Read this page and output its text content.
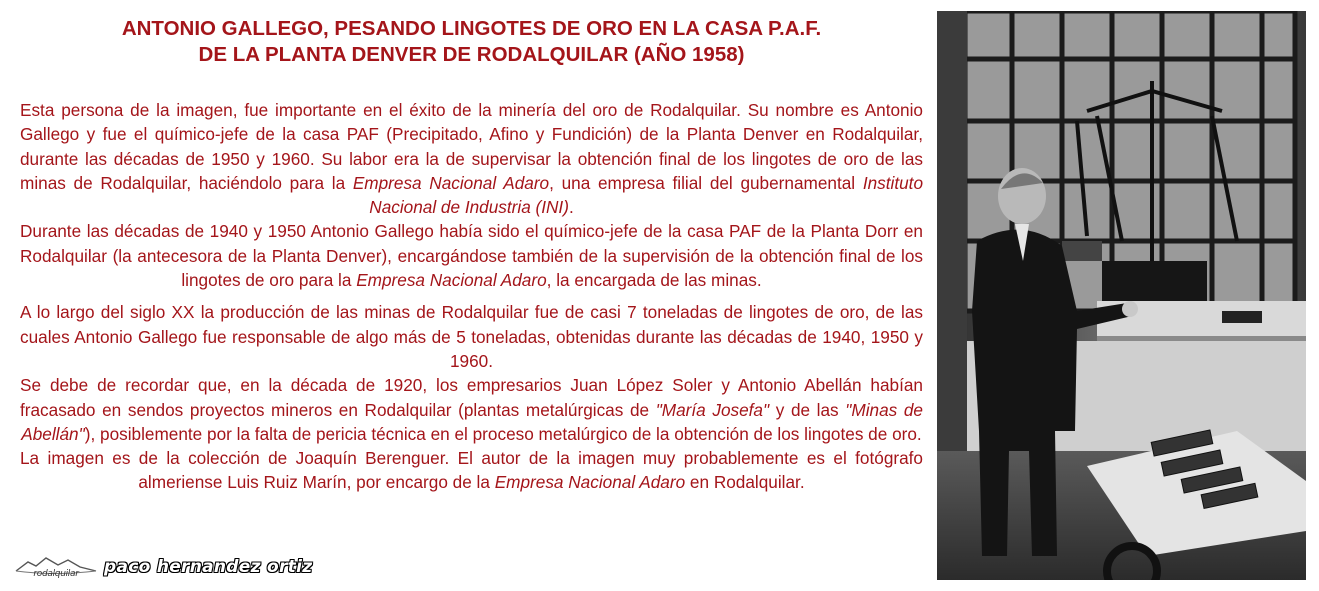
ANTONIO GALLEGO, PESANDO LINGOTES DE ORO EN LA CASA P.A.F.
DE LA PLANTA DENVER DE RODALQUILAR (AÑO 1958)

Esta persona de la imagen, fue importante en el éxito de la minería del oro de Rodalquilar. Su nombre es Antonio Gallego y fue el químico-jefe de la casa PAF (Precipitado, Afino y Fundición) de la Planta Denver en Rodalquilar, durante las décadas de 1950 y 1960. Su labor era la de supervisar la obtención final de los lingotes de oro de las minas de Rodalquilar, haciéndolo para la Empresa Nacional Adaro, una empresa filial del gubernamental Instituto Nacional de Industria (INI).

Durante las décadas de 1940 y 1950 Antonio Gallego había sido el químico-jefe de la casa PAF de la Planta Dorr en Rodalquilar (la antecesora de la Planta Denver), encargándose también de la supervisión de la obtención final de los lingotes de oro para la Empresa Nacional Adaro, la encargada de las minas.

A lo largo del siglo XX la producción de las minas de Rodalquilar fue de casi 7 toneladas de lingotes de oro, de las cuales Antonio Gallego fue responsable de algo más de 5 toneladas, obtenidas durante las décadas de 1940, 1950 y 1960.

Se debe de recordar que, en la década de 1920, los empresarios Juan López Soler y Antonio Abellán habían fracasado en sendos proyectos mineros en Rodalquilar (plantas metalúrgicas de "María Josefa" y de las "Minas de Abellán"), posiblemente por la falta de pericia técnica en el proceso metalúrgico de la obtención de los lingotes de oro.

La imagen es de la colección de Joaquín Berenguer. El autor de la imagen muy probablemente es el fotógrafo almeriense Luis Ruiz Marín, por encargo de la Empresa Nacional Adaro en Rodalquilar.

rodalquilar paco hernandez ortiz
